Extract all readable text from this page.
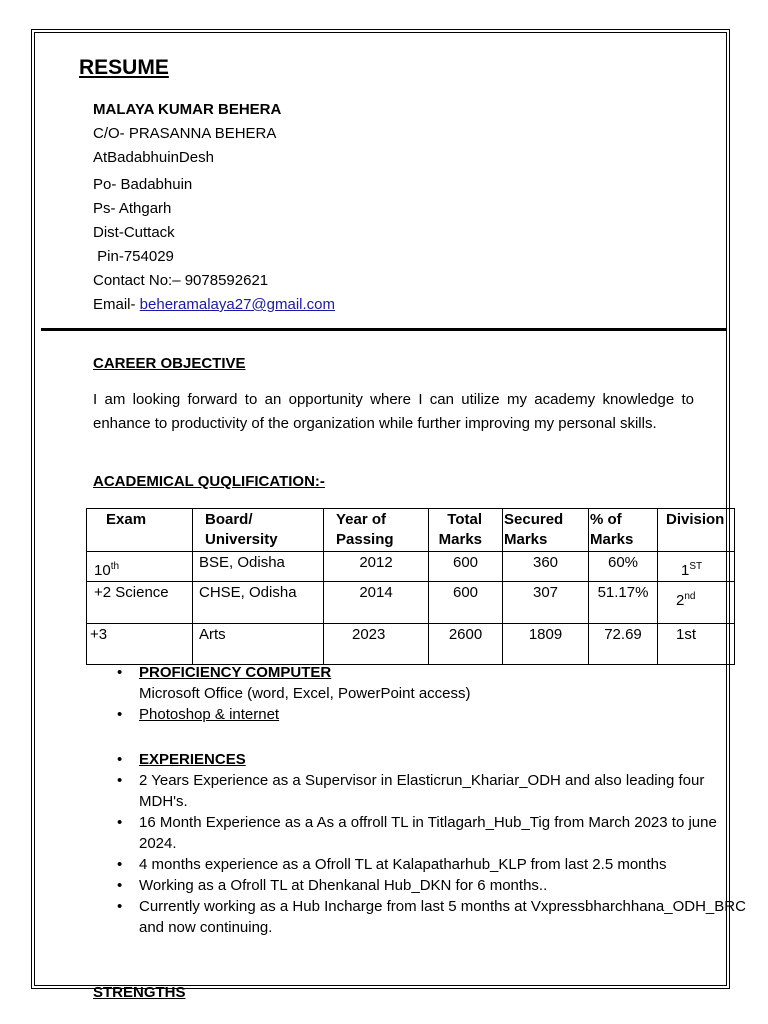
RESUME
MALAYA KUMAR BEHERA
C/O- PRASANNA BEHERA
AtBadabhuinDesh
Po- Badabhuin
Ps- Athgarh
Dist-Cuttack
Pin-754029
Contact No:– 9078592621
Email- beheramalaya27@gmail.com
CAREER OBJECTIVE

I am looking forward to an opportunity where I can utilize my academy knowledge to enhance to productivity of the organization while further improving my personal skills.

ACADEMICAL QUQLIFICATION:-
Exam	Board/ University	Year of Passing	Total Marks	Secured Marks	% of Marks	Division
10th	BSE, Odisha	2012	600	360	60%	1ST
+2 Science	CHSE, Odisha	2014	600	307	51.17%	2nd
+3	Arts	2023	2600	1809	72.69	1st
• PROFICIENCY COMPUTER
Microsoft Office (word, Excel, PowerPoint access)
• Photoshop & internet
• EXPERIENCES
• 2 Years Experience as a Supervisor in Elasticrun_Khariar_ODH and also leading four MDH's.
• 16 Month Experience as a As a offroll TL in Titlagarh_Hub_Tig from March 2023 to june 2024.
• 4 months experience as a Ofroll TL at Kalapatharhub_KLP from last 2.5 months
• Working as a Ofroll TL at Dhenkanal Hub_DKN for 6 months..
• Currently working as a Hub Incharge from last 5 months at Vxpressbharchhana_ODH_BRC and now continuing.
STRENGTHS
